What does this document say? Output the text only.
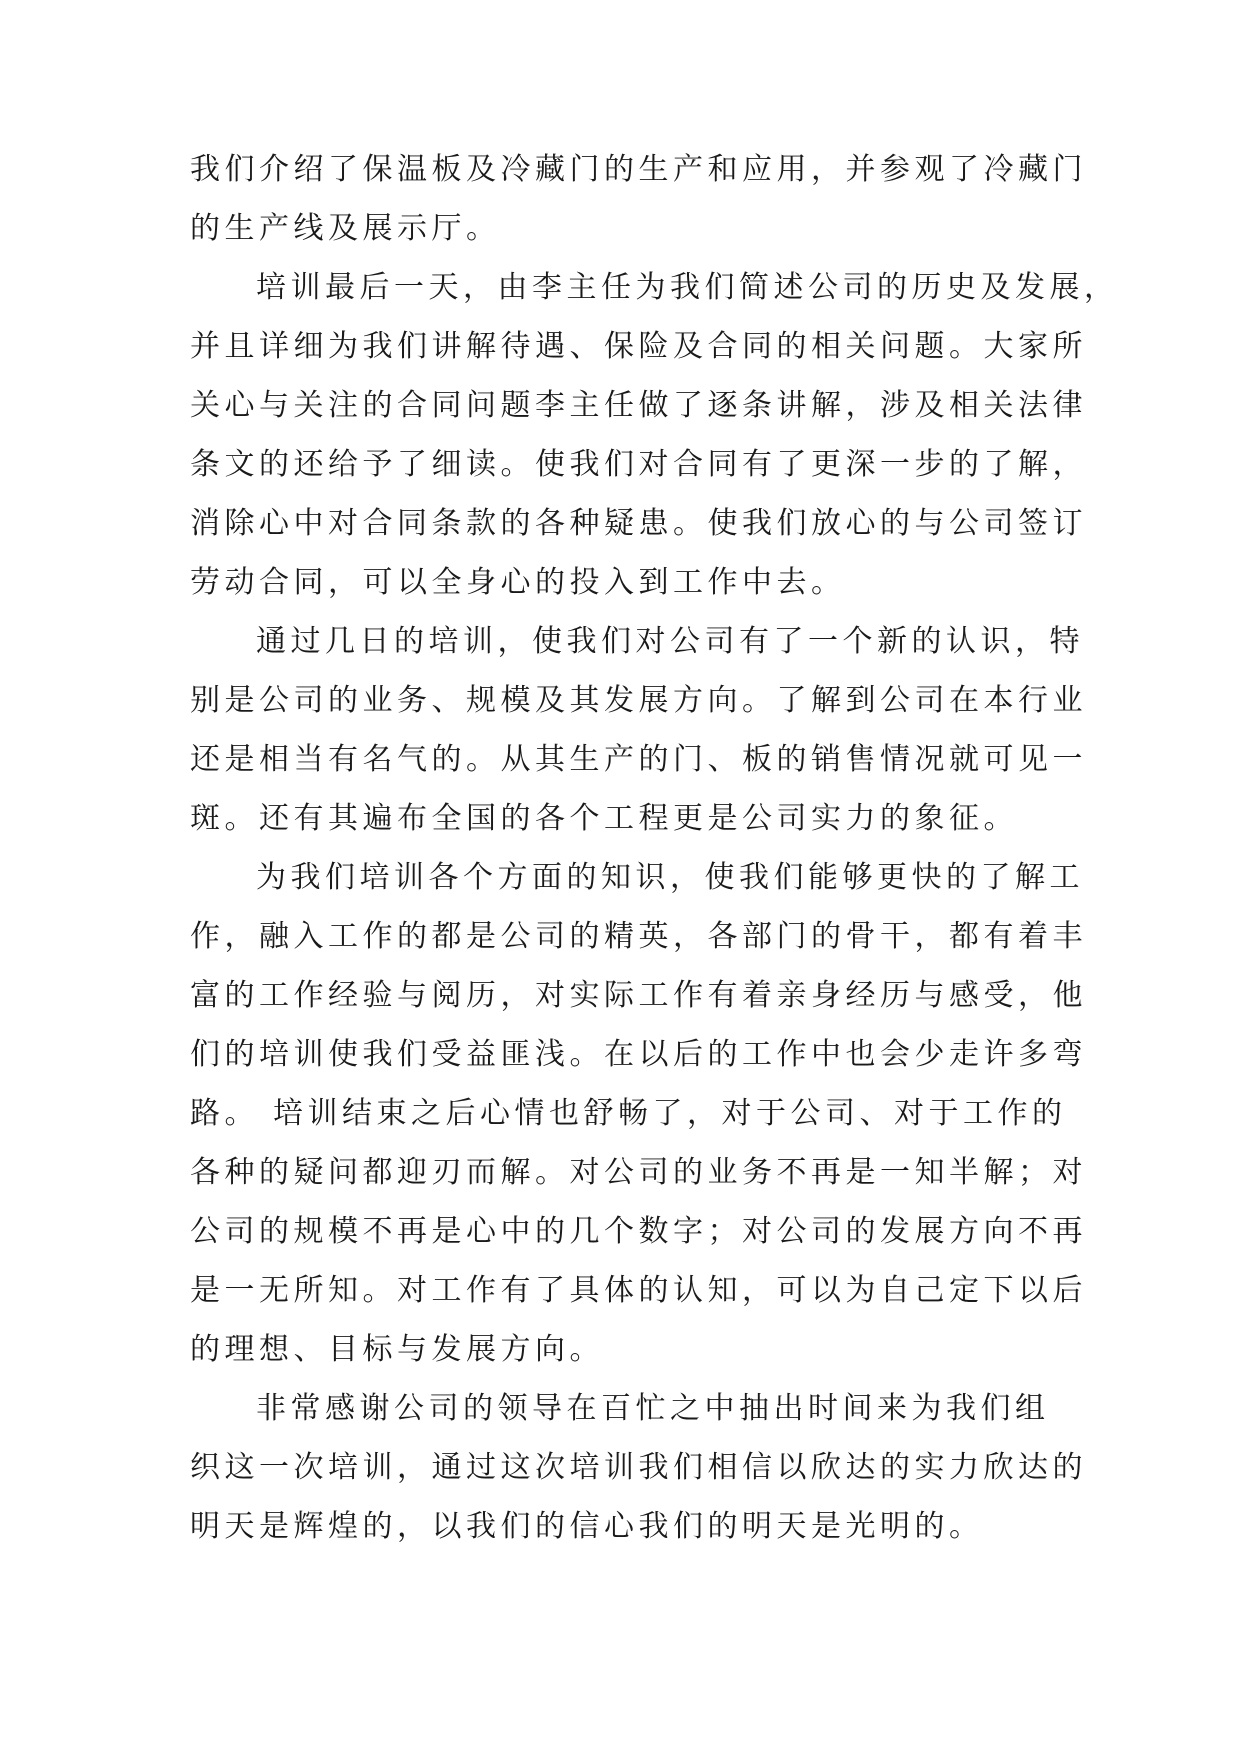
我们介绍了保温板及冷藏门的生产和应用，并参观了冷藏门
的生产线及展示厅。

培训最后一天，由李主任为我们简述公司的历史及发展，
并且详细为我们讲解待遇、保险及合同的相关问题。大家所
关心与关注的合同问题李主任做了逐条讲解，涉及相关法律
条文的还给予了细读。使我们对合同有了更深一步的了解，
消除心中对合同条款的各种疑患。使我们放心的与公司签订
劳动合同，可以全身心的投入到工作中去。

通过几日的培训，使我们对公司有了一个新的认识，特
别是公司的业务、规模及其发展方向。了解到公司在本行业
还是相当有名气的。从其生产的门、板的销售情况就可见一
斑。还有其遍布全国的各个工程更是公司实力的象征。

为我们培训各个方面的知识，使我们能够更快的了解工
作，融入工作的都是公司的精英，各部门的骨干，都有着丰
富的工作经验与阅历，对实际工作有着亲身经历与感受，他
们的培训使我们受益匪浅。在以后的工作中也会少走许多弯
路。 培训结束之后心情也舒畅了，对于公司、对于工作的
各种的疑问都迎刃而解。对公司的业务不再是一知半解；对
公司的规模不再是心中的几个数字；对公司的发展方向不再
是一无所知。对工作有了具体的认知，可以为自己定下以后
的理想、目标与发展方向。

非常感谢公司的领导在百忙之中抽出时间来为我们组
织这一次培训，通过这次培训我们相信以欣达的实力欣达的
明天是辉煌的，以我们的信心我们的明天是光明的。
